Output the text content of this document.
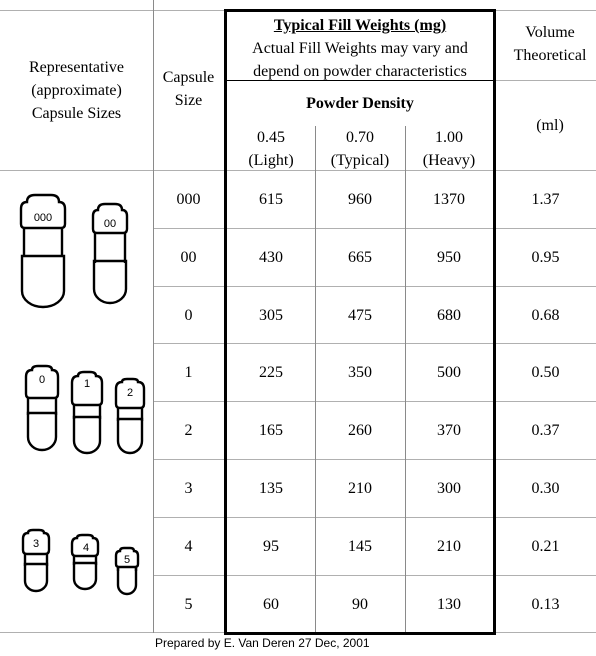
Representative
(approximate)
Capsule Sizes
Capsule
Size
Typical Fill Weights (mg)
Actual Fill Weights may vary and
depend on powder characteristics
Powder Density
0.45
(Light)
0.70
(Typical)
1.00
(Heavy)
Volume
Theoretical
(ml)
000	615	960	1370	1.37
00	430	665	950	0.95
0	305	475	680	0.68
1	225	350	500	0.50
2	165	260	370	0.37
3	135	210	300	0.30
4	95	145	210	0.21
5	60	90	130	0.13
000	00
0	1
2
3	4
5
Prepared by E. Van Deren 27 Dec, 2001
